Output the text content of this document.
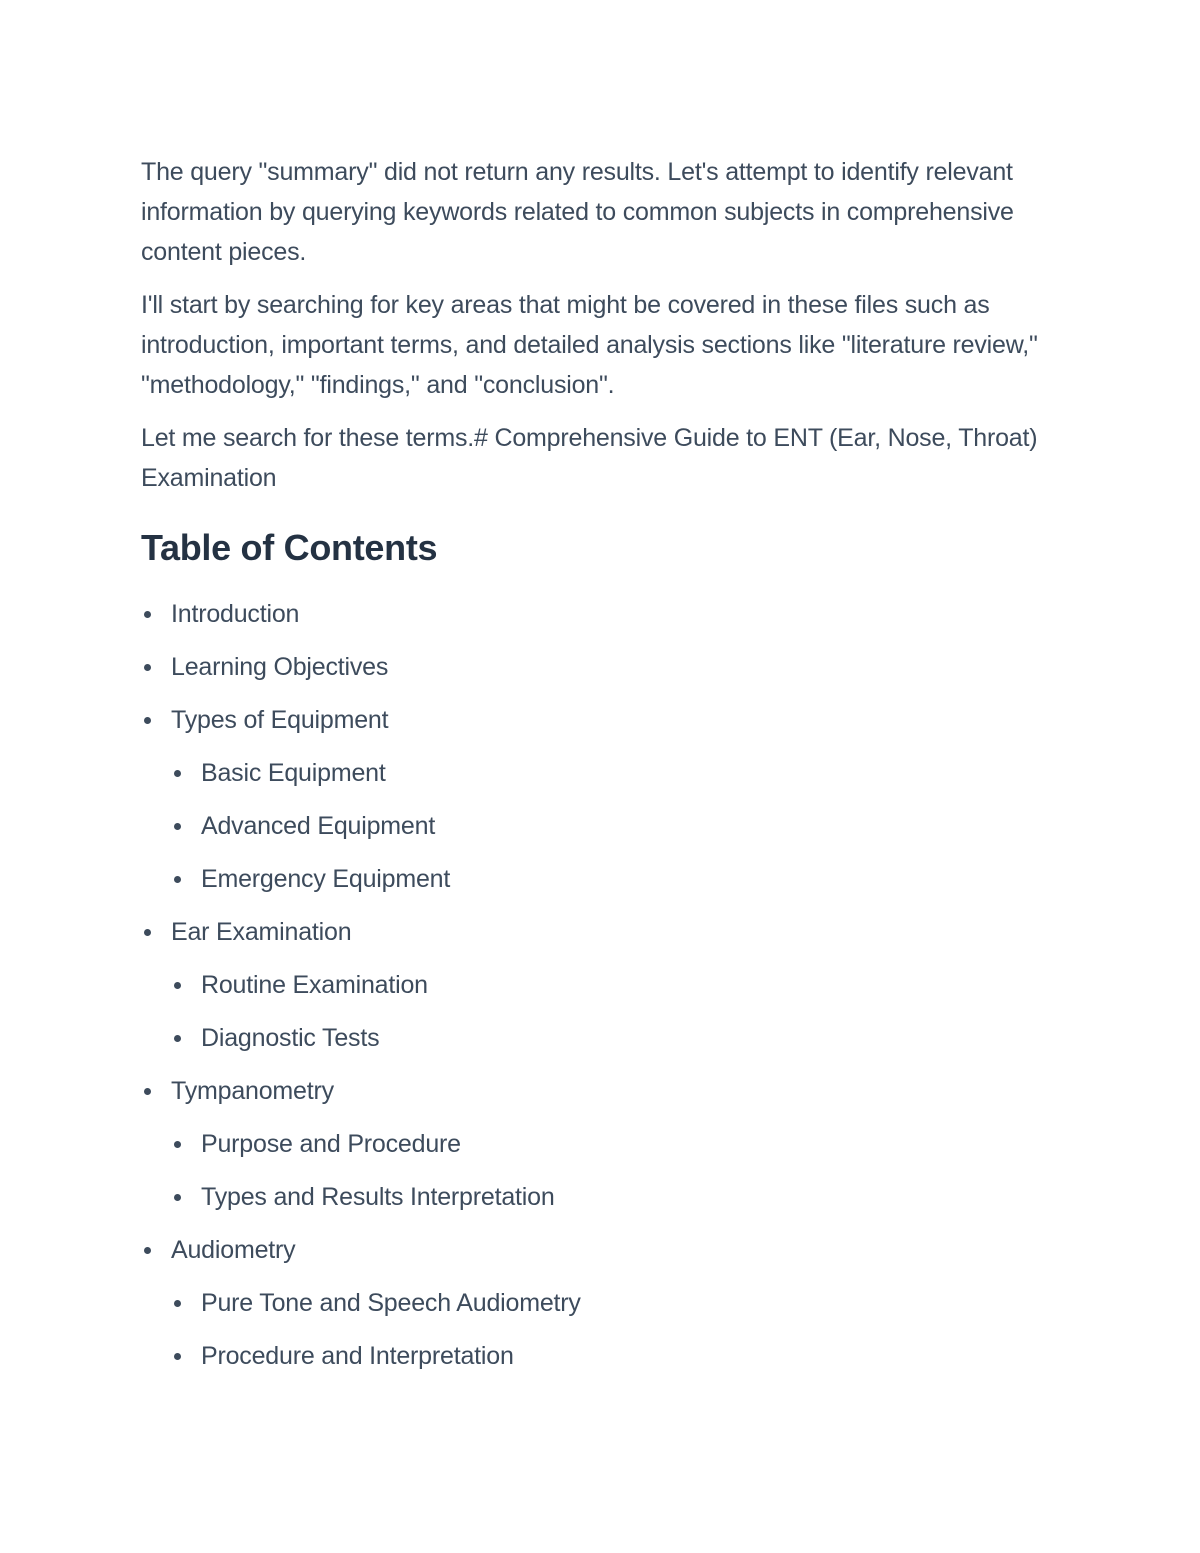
The query "summary" did not return any results. Let's attempt to identify relevant information by querying keywords related to common subjects in comprehensive content pieces.

I'll start by searching for key areas that might be covered in these files such as introduction, important terms, and detailed analysis sections like "literature review," "methodology," "findings," and "conclusion".

Let me search for these terms.# Comprehensive Guide to ENT (Ear, Nose, Throat) Examination

Table of Contents
Introduction
Learning Objectives
Types of Equipment
Basic Equipment
Advanced Equipment
Emergency Equipment
Ear Examination
Routine Examination
Diagnostic Tests
Tympanometry
Purpose and Procedure
Types and Results Interpretation
Audiometry
Pure Tone and Speech Audiometry
Procedure and Interpretation
